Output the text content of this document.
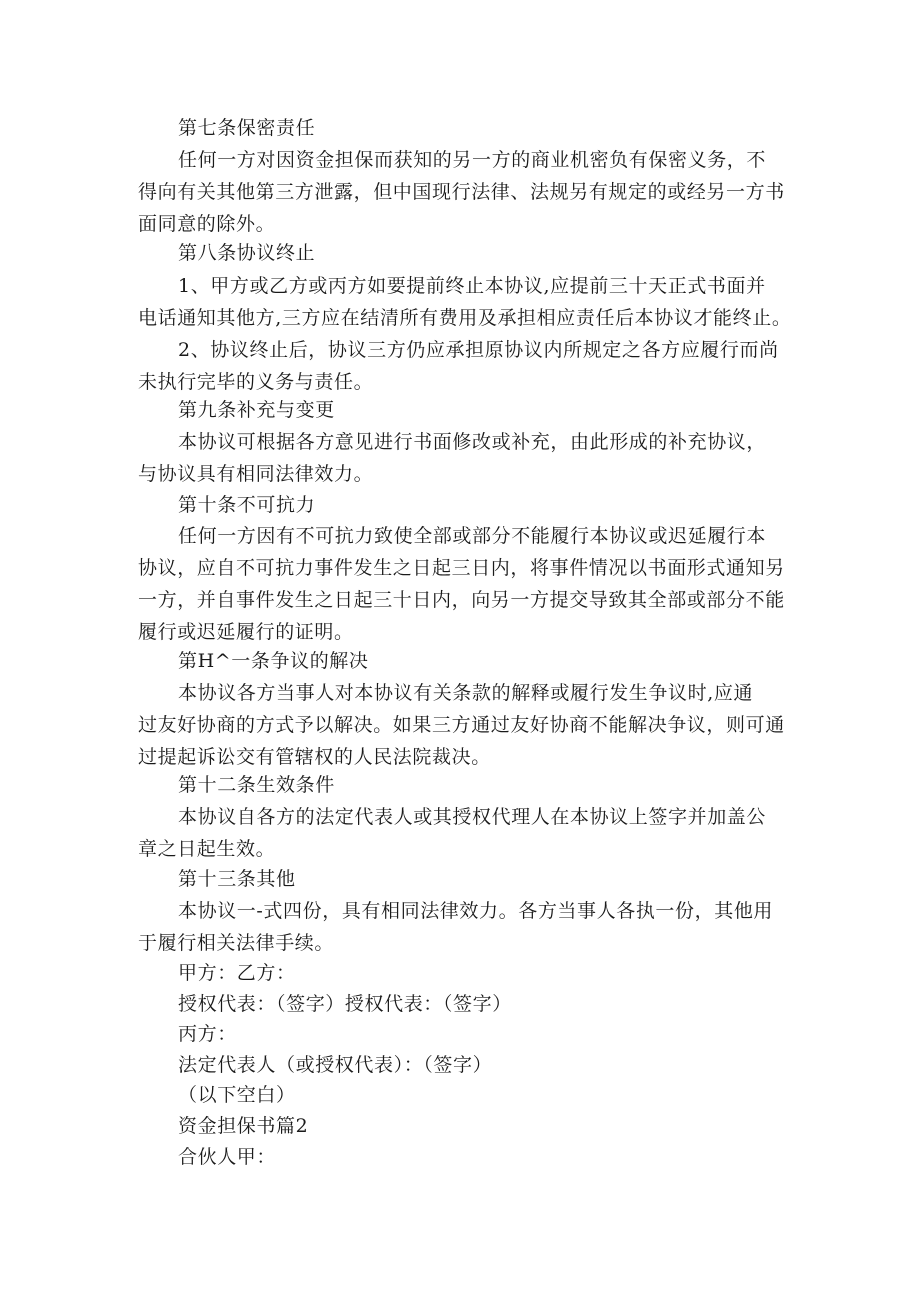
第七条保密责任
任何一方对因资金担保而获知的另一方的商业机密负有保密义务，不
得向有关其他第三方泄露，但中国现行法律、法规另有规定的或经另一方书
面同意的除外。
第八条协议终止
1、甲方或乙方或丙方如要提前终止本协议,应提前三十天正式书面并
电话通知其他方,三方应在结清所有费用及承担相应责任后本协议才能终止。
2、协议终止后，协议三方仍应承担原协议内所规定之各方应履行而尚
未执行完毕的义务与责任。
第九条补充与变更
本协议可根据各方意见进行书面修改或补充，由此形成的补充协议，
与协议具有相同法律效力。
第十条不可抗力
任何一方因有不可抗力致使全部或部分不能履行本协议或迟延履行本
协议，应自不可抗力事件发生之日起三日内，将事件情况以书面形式通知另
一方，并自事件发生之日起三十日内，向另一方提交导致其全部或部分不能
履行或迟延履行的证明。
第H^一条争议的解决
本协议各方当事人对本协议有关条款的解释或履行发生争议时,应通
过友好协商的方式予以解决。如果三方通过友好协商不能解决争议，则可通
过提起诉讼交有管辖权的人民法院裁决。
第十二条生效条件
本协议自各方的法定代表人或其授权代理人在本协议上签字并加盖公
章之日起生效。
第十三条其他
本协议一-式四份，具有相同法律效力。各方当事人各执一份，其他用
于履行相关法律手续。
甲方：乙方：
授权代表：（签字）授权代表：（签字）
丙方：
法定代表人（或授权代表）：（签字）
（以下空白）
资金担保书篇2
合伙人甲：
